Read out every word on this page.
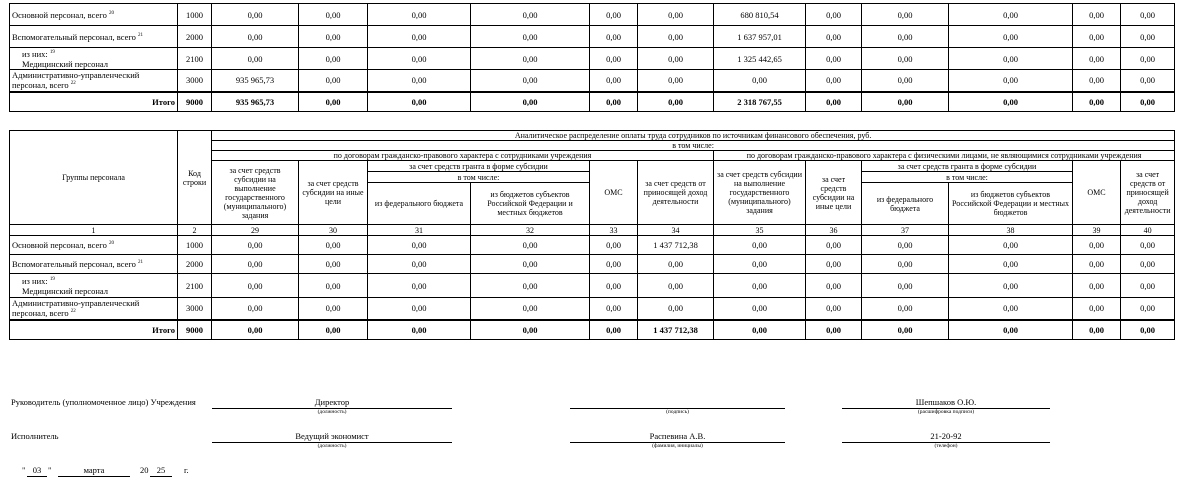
Основной персонал, всего $^{20}$	1000	0,00	0,00	0,00	0,00	0,00	0,00	680 810,54	0,00	0,00	0,00	0,00	0,00
Вспомогательный персонал, всего $^{21}$	2000	0,00	0,00	0,00	0,00	0,00	0,00	1 637 957,01	0,00	0,00	0,00	0,00	0,00

из них: $^{19}$
Медицинский персонал	2100	0,00	0,00	0,00	0,00	0,00	0,00	1 325 442,65	0,00	0,00	0,00	0,00	0,00

Административно-управленческий
персонал, всего $^{22}$	3000	935 965,73	0,00	0,00	0,00	0,00	0,00	0,00	0,00	0,00	0,00	0,00	0,00
Итого	9000	935 965,73	0,00	0,00	0,00	0,00	0,00	2 318 767,55	0,00	0,00	0,00	0,00	0,00
Группы персонала	Код строки	Аналитическое распределение оплаты труда сотрудников по источникам финансового обеспечения, руб.											
		в том числе:											
		по договорам гражданско-правового характера с сотрудниками учреждения						по договорам гражданско-правового характера с физическими лицами, не являющимися сотрудниками учреждения					
		за счет средств субсидии на выполнение государственного (муниципального) задания	за счет средств субсидии на иные цели	за счет средств гранта в форме субсидии		ОМС	за счет средств от приносящей доход деятельности	за счет средств субсидии на выполнение государственного (муниципального) задания	за счет средств субсидии на иные цели	за счет средств гранта в форме субсидии		ОМС	за счет средств от приносящей доход деятельности
				в том числе:						в том числе:			
				из федерального бюджета	из бюджетов субъектов Российской Федерации и местных бюджетов					из федерального бюджета	из бюджетов субъектов Российской Федерации и местных бюджетов		
1	2	29	30	31	32	33	34	35	36	37	38	39	40
Основной персонал, всего $^{20}$	1000	0,00	0,00	0,00	0,00	0,00	1 437 712,38	0,00	0,00	0,00	0,00	0,00	0,00
Вспомогательный персонал, всего $^{21}$	2000	0,00	0,00	0,00	0,00	0,00	0,00	0,00	0,00	0,00	0,00	0,00	0,00

из них: $^{19}$
Медицинский персонал	2100	0,00	0,00	0,00	0,00	0,00	0,00	0,00	0,00	0,00	0,00	0,00	0,00

Административно-управленческий
персонал, всего $^{22}$	3000	0,00	0,00	0,00	0,00	0,00	0,00	0,00	0,00	0,00	0,00	0,00	0,00
Итого	9000	0,00	0,00	0,00	0,00	0,00	1 437 712,38	0,00	0,00	0,00	0,00	0,00	0,00
Руководитель (уполномоченное лицо) Учреждения	Директор
(должность)	(подпись)
Шепшаков О.Ю.
(расшифровка подписи)
Исполнитель	Ведущий экономист
(должность)
Распевина А.В.
(фамилия, инициалы)
21-20-92
(телефон)
" 03 "	марта	20 25	г.
